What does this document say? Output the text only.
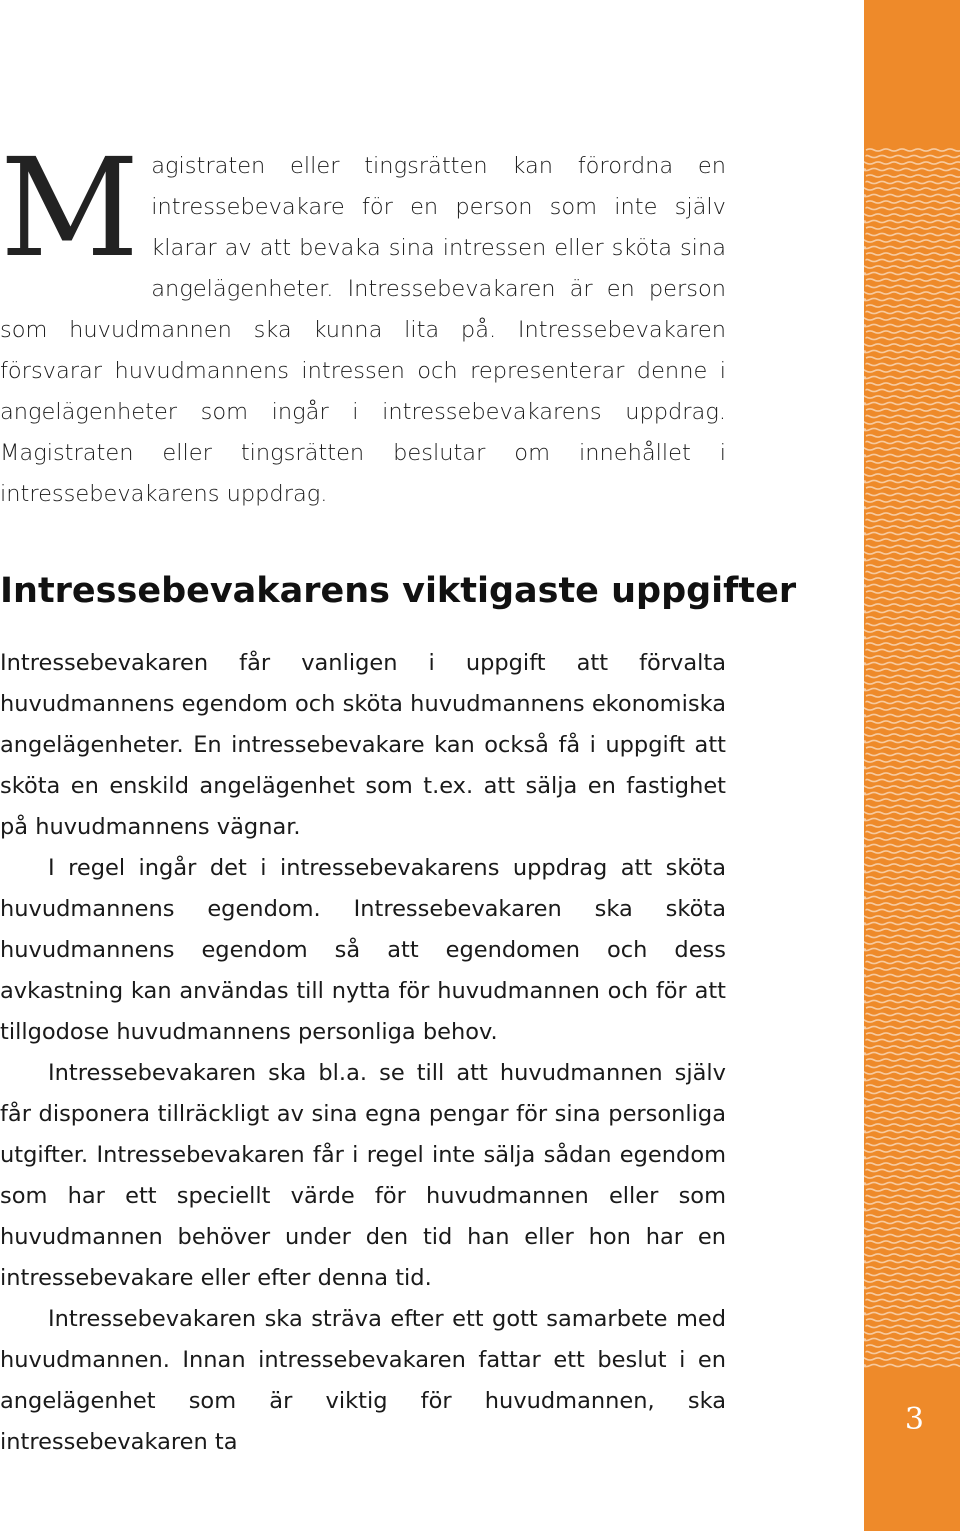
Magistraten eller tingsrätten kan förordna en intressebevakare för en person som inte själv klarar av att bevaka sina intressen eller sköta sina angelägenheter. Intressebevakaren är en person som huvudmannen ska kunna lita på. Intressebevakaren försvarar huvudmannens intressen och representerar denne i angelägenheter som ingår i intressebevakarens uppdrag. Magistraten eller tingsrätten beslutar om innehållet i intressebevakarens uppdrag.

Intressebevakarens viktigaste uppgifter

Intressebevakaren får vanligen i uppgift att förvalta huvudmannens egendom och sköta huvudmannens ekonomiska angelägenheter. En intressebevakare kan också få i uppgift att sköta en enskild angelägenhet som t.ex. att sälja en fastighet på huvudmannens vägnar.

I regel ingår det i intressebevakarens uppdrag att sköta huvudmannens egendom. Intressebevakaren ska sköta huvudmannens egendom så att egendomen och dess avkastning kan användas till nytta för huvudmannen och för att tillgodose huvudmannens personliga behov.

Intressebevakaren ska bl.a. se till att huvudmannen själv får disponera tillräckligt av sina egna pengar för sina personliga utgifter. Intressebevakaren får i regel inte sälja sådan egendom som har ett speciellt värde för huvudmannen eller som huvudmannen behöver under den tid han eller hon har en intressebevakare eller efter denna tid.

Intressebevakaren ska sträva efter ett gott samarbete med huvudmannen. Innan intressebevakaren fattar ett beslut i en angelägenhet som är viktig för huvudmannen, ska intressebevakaren ta

3
